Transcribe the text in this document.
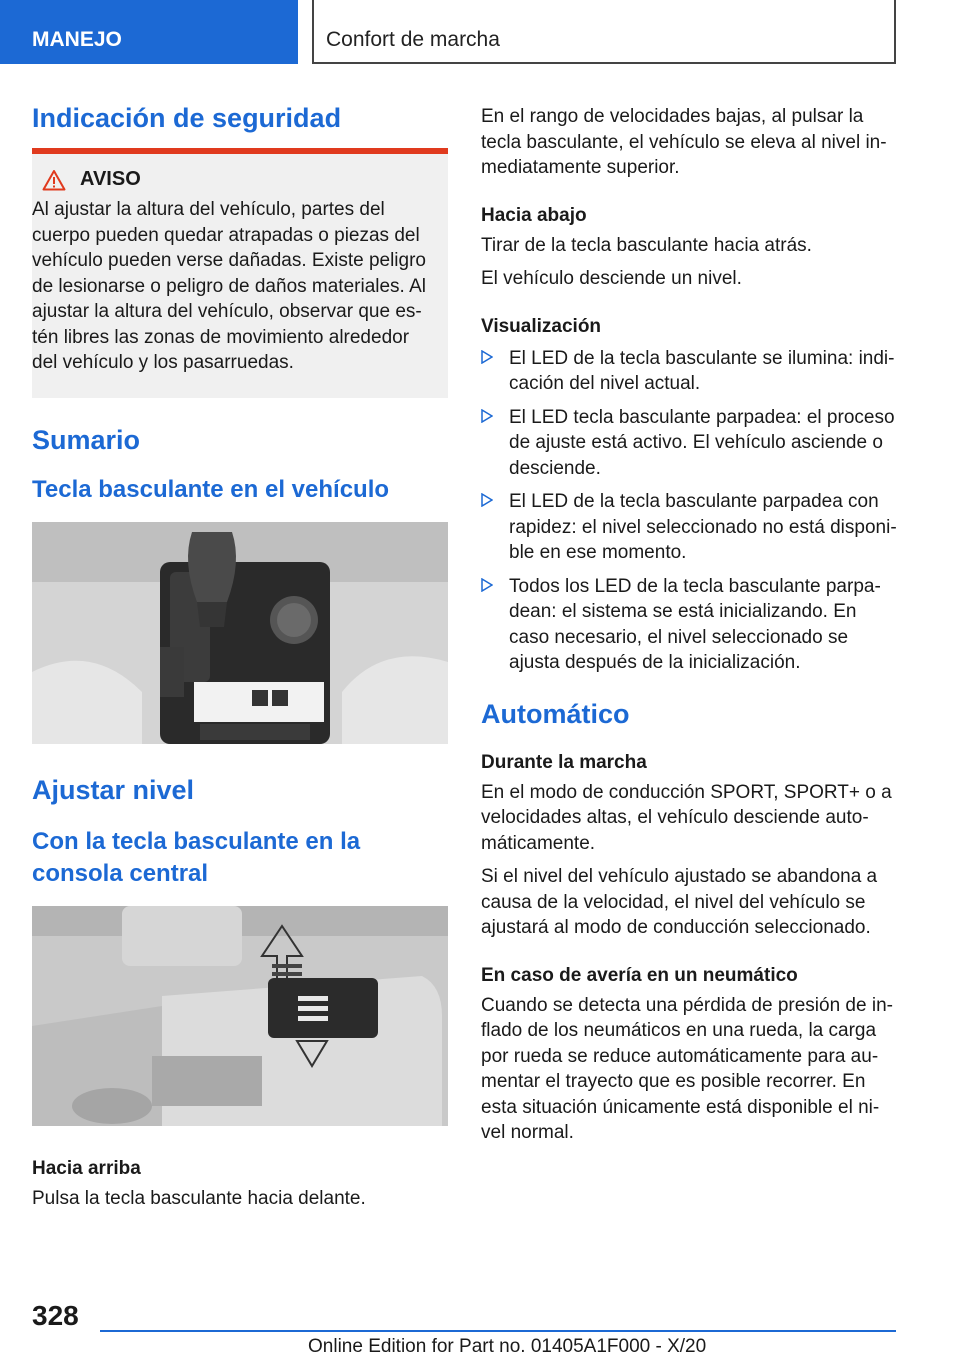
MANEJO	Confort de marcha
Indicación de seguridad
AVISO

Al ajustar la altura del vehículo, partes del cuerpo pueden quedar atrapadas o piezas del vehículo pueden verse dañadas. Existe peligro de lesionarse o peligro de daños materiales. Al ajustar la altura del vehículo, observar que estén libres las zonas de movimiento alrededor del vehículo y los pasarruedas.

Sumario
Tecla basculante en el vehículo
Ajustar nivel
Con la tecla basculante en la consola central
Hacia arriba

Pulsa la tecla basculante hacia delante.

En el rango de velocidades bajas, al pulsar la tecla basculante, el vehículo se eleva al nivel inmediatamente superior.

Hacia abajo

Tirar de la tecla basculante hacia atrás.

El vehículo desciende un nivel.

Visualización
El LED de la tecla basculante se ilumina: indicación del nivel actual.
El LED tecla basculante parpadea: el proceso de ajuste está activo. El vehículo asciende o desciende.
El LED de la tecla basculante parpadea con rapidez: el nivel seleccionado no está disponible en ese momento.
Todos los LED de la tecla basculante parpadean: el sistema se está inicializando. En caso necesario, el nivel seleccionado se ajusta después de la inicialización.
Automático
Durante la marcha

En el modo de conducción SPORT, SPORT+ o a velocidades altas, el vehículo desciende automáticamente.

Si el nivel del vehículo ajustado se abandona a causa de la velocidad, el nivel del vehículo se ajustará al modo de conducción seleccionado.

En caso de avería en un neumático

Cuando se detecta una pérdida de presión de inflado de los neumáticos en una rueda, la carga por rueda se reduce automáticamente para aumentar el trayecto que es posible recorrer. En esta situación únicamente está disponible el nivel normal.

328
Online Edition for Part no. 01405A1F000 - X/20
